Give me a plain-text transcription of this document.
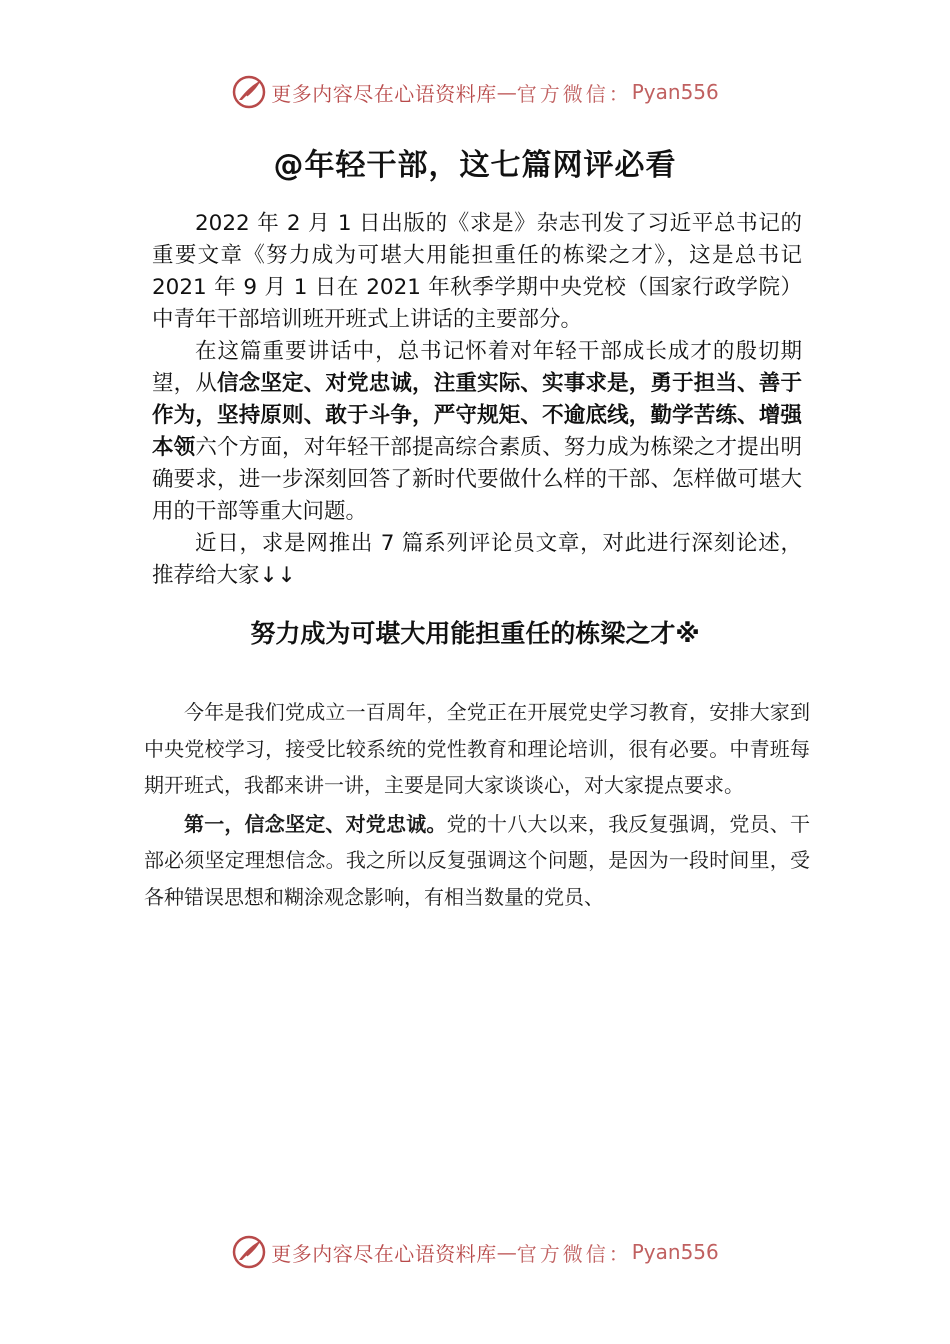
更多内容尽在心语资料库 — 官方微信： Pyan556
@年轻干部，这七篇网评必看

2022 年 2 月 1 日出版的《求是》杂志刊发了习近平总书记的重要文章《努力成为可堪大用能担重任的栋梁之才》，这是总书记 2021 年 9 月 1 日在 2021 年秋季学期中央党校（国家行政学院）中青年干部培训班开班式上讲话的主要部分。

在这篇重要讲话中，总书记怀着对年轻干部成长成才的殷切期望，从信念坚定、对党忠诚，注重实际、实事求是，勇于担当、善于作为，坚持原则、敢于斗争，严守规矩、不逾底线，勤学苦练、增强本领六个方面，对年轻干部提高综合素质、努力成为栋梁之才提出明确要求，进一步深刻回答了新时代要做什么样的干部、怎样做可堪大用的干部等重大问题。

近日，求是网推出 7 篇系列评论员文章，对此进行深刻论述，推荐给大家↓↓

努力成为可堪大用能担重任的栋梁之才※

今年是我们党成立一百周年，全党正在开展党史学习教育，安排大家到中央党校学习，接受比较系统的党性教育和理论培训，很有必要。中青班每期开班式，我都来讲一讲，主要是同大家谈谈心，对大家提点要求。

第一，信念坚定、对党忠诚。党的十八大以来，我反复强调，党员、干部必须坚定理想信念。我之所以反复强调这个问题，是因为一段时间里，受各种错误思想和糊涂观念影响，有相当数量的党员、

更多内容尽在心语资料库 — 官方微信： Pyan556
